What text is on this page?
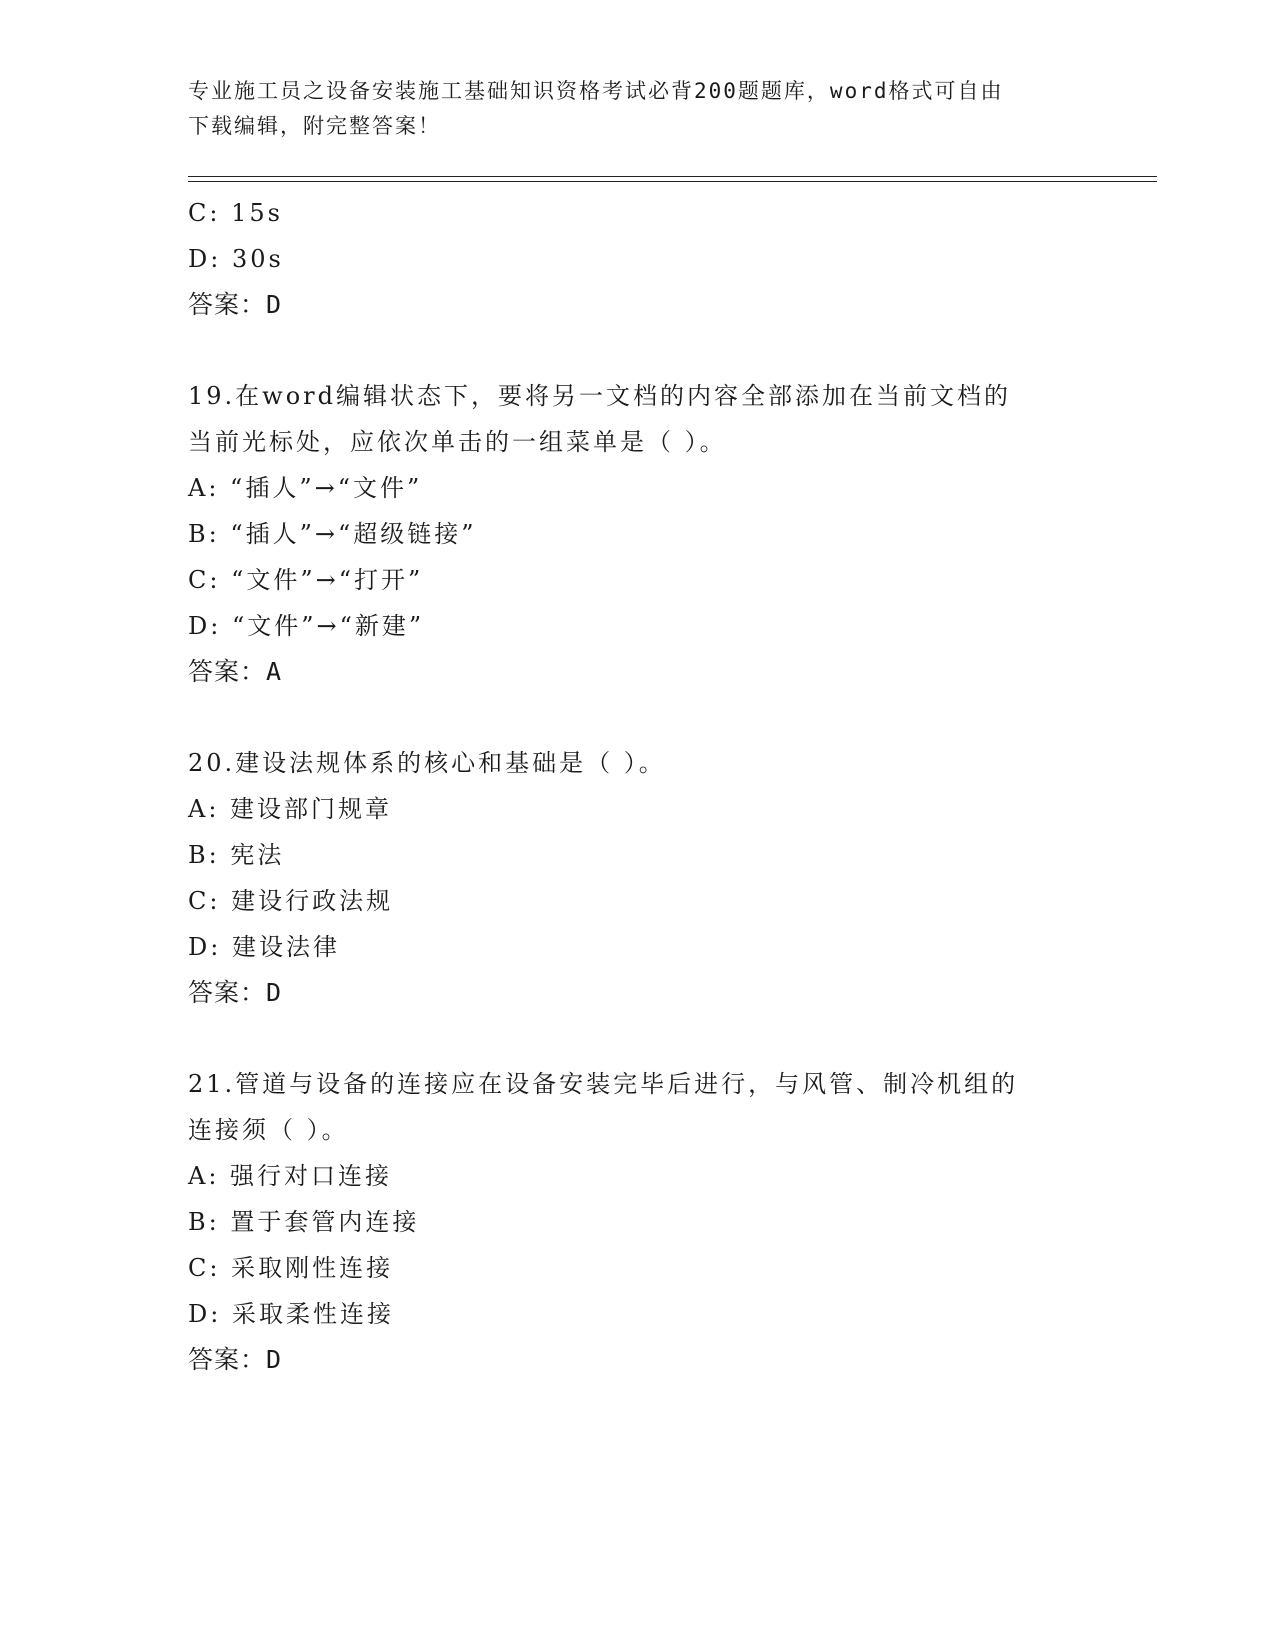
专业施工员之设备安装施工基础知识资格考试必背200题题库，word格式可自由
下载编辑，附完整答案！
C: 15s
D: 30s
答案：D
19.在word编辑状态下，要将另一文档的内容全部添加在当前文档的
当前光标处，应依次单击的一组菜单是（ ）。
A: “插人”→“文件”
B: “插人”→“超级链接”
C: “文件”→“打开”
D: “文件”→“新建”
答案：A
20.建设法规体系的核心和基础是（ ）。
A: 建设部门规章
B: 宪法
C: 建设行政法规
D: 建设法律
答案：D
21.管道与设备的连接应在设备安装完毕后进行，与风管、制冷机组的
连接须（ ）。
A: 强行对口连接
B: 置于套管内连接
C: 采取刚性连接
D: 采取柔性连接
答案：D
